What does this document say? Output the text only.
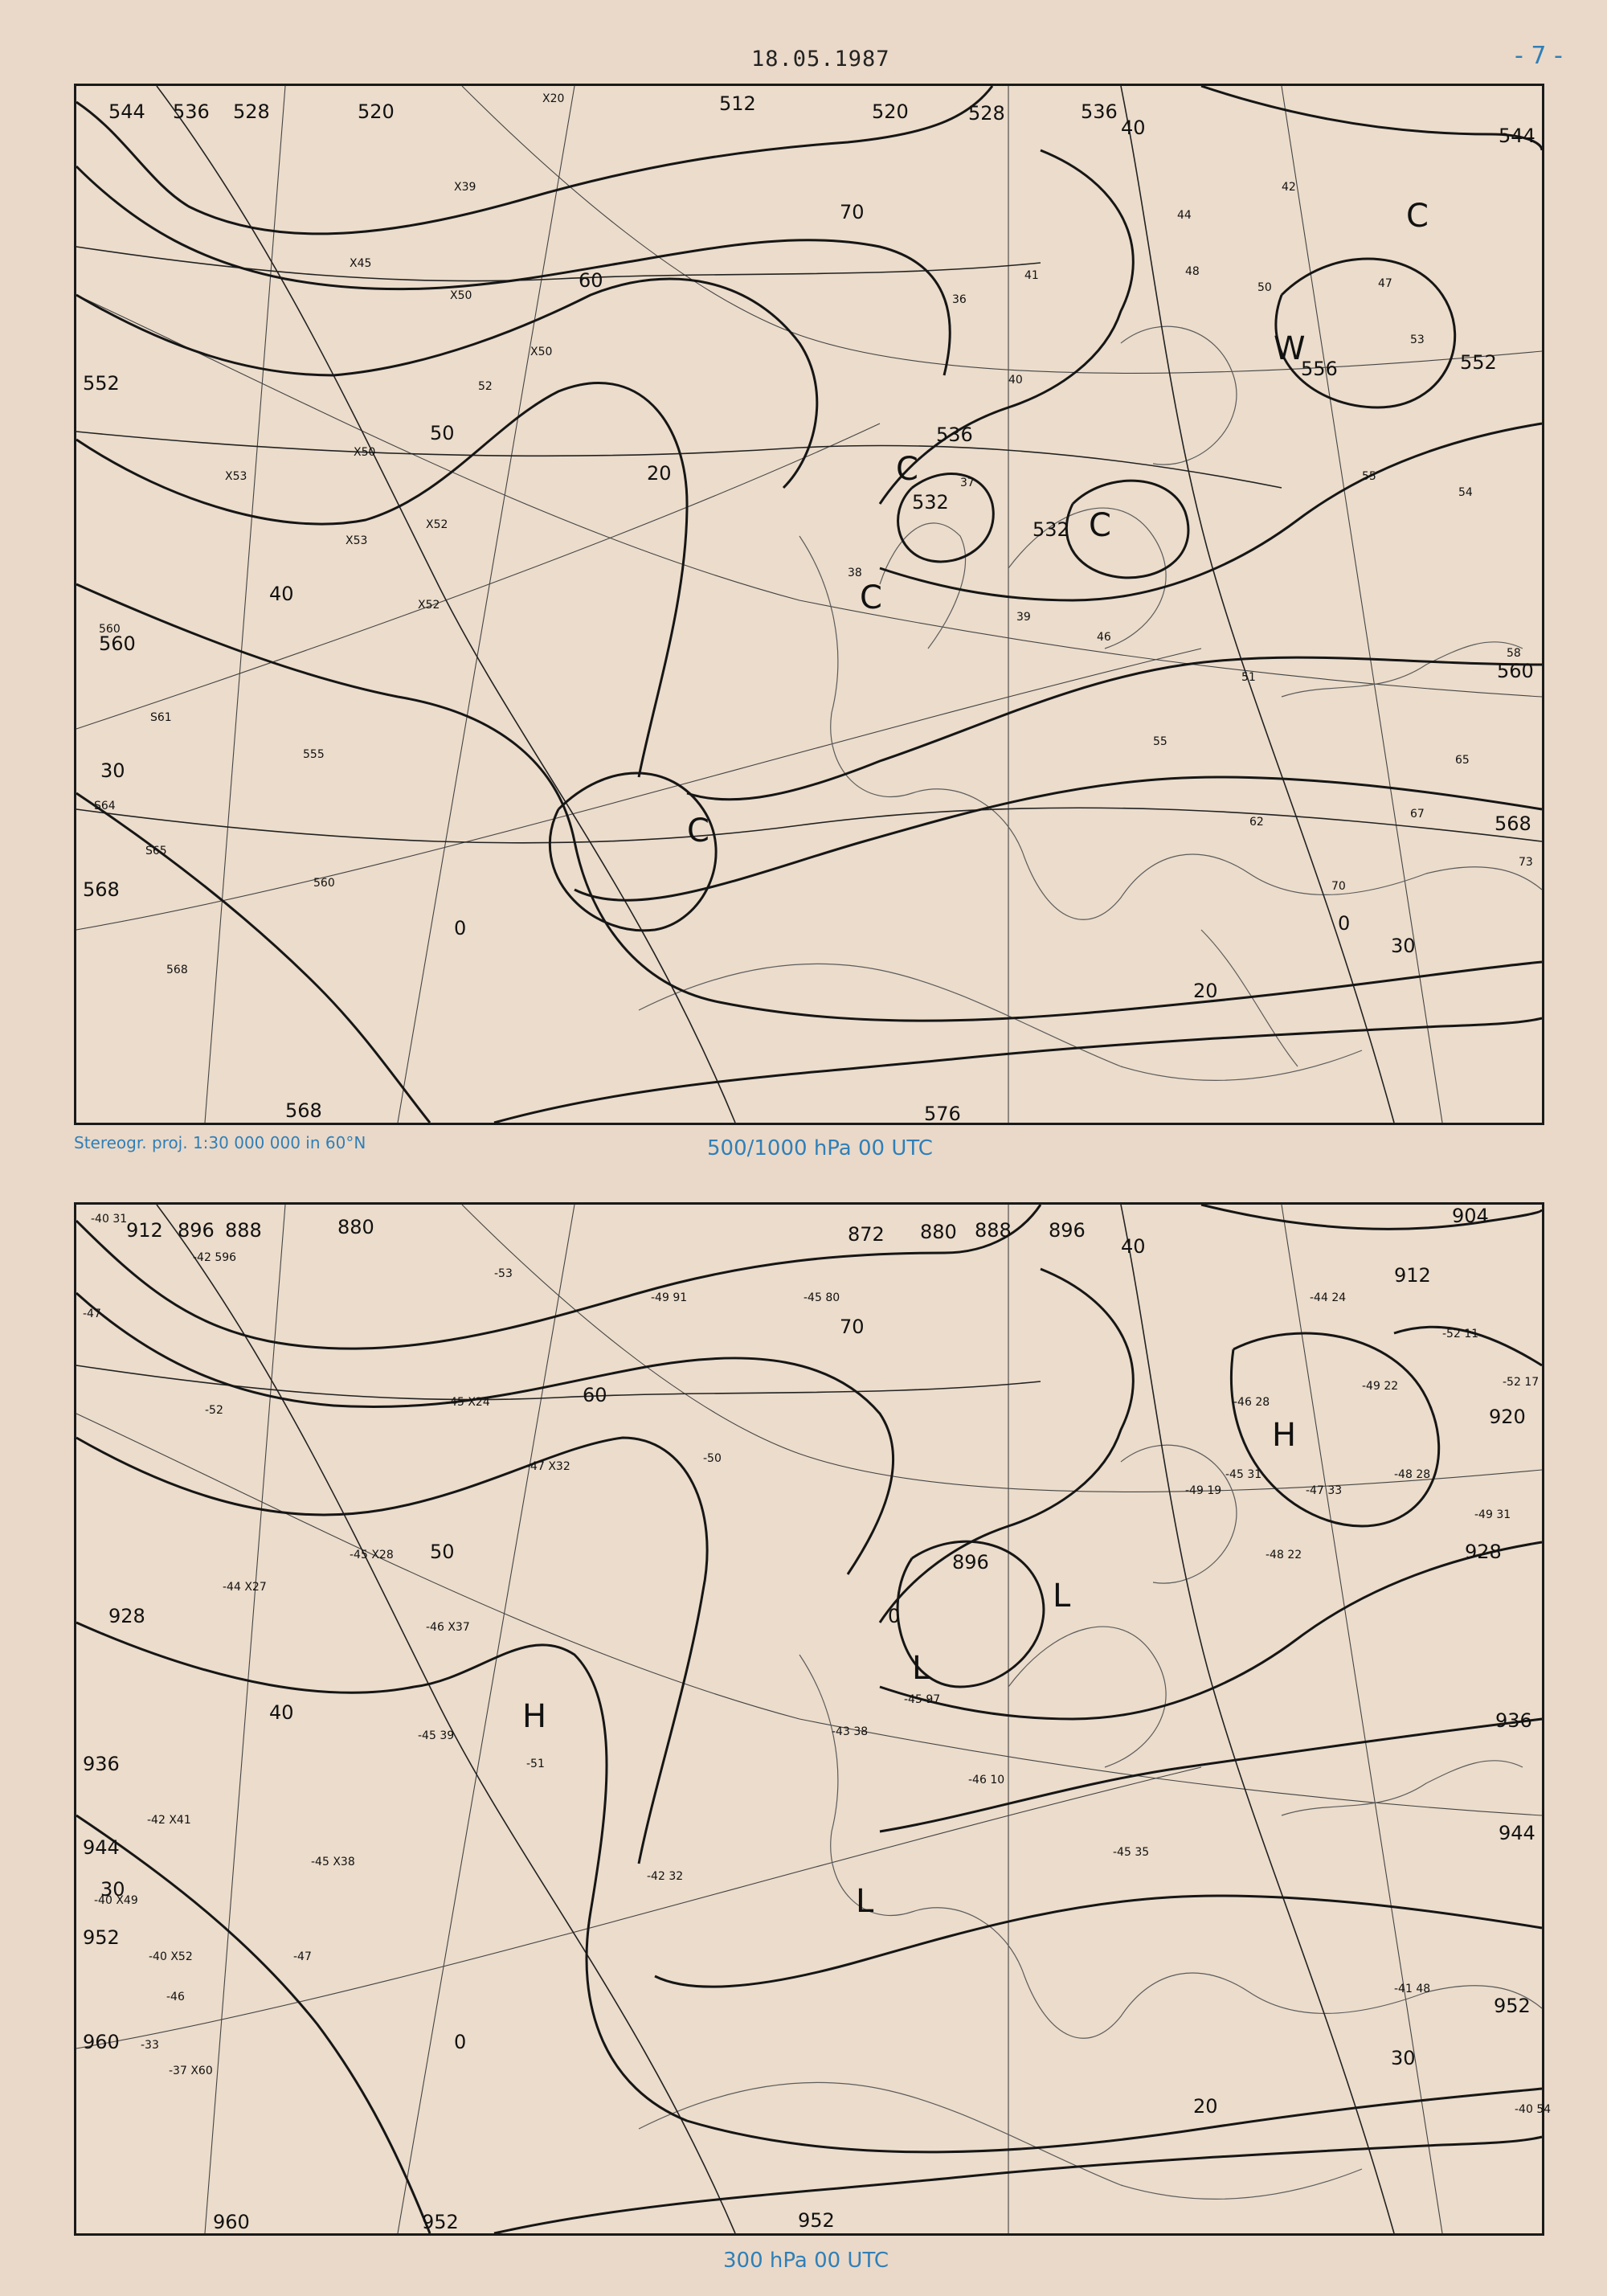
18.05.1987	- 7 -
544 536 528	520	512	520	528	536
544
552
552
560
568
568	576
560
568
536
532
532
556
70
60
50
40
40
30
30
20
20
0	0
C
C
C
C
C
W
X20
X39
X45
X50
X50
X50
X53
X52
X53
X52
560
S61
555
S64
S65
560
568
52
36
41
44
48
50
53
55
47
42
40
37
39
38
46
51
55
62
67
70
73
54
58
65
Stereogr. proj. 1:30 000 000 in 60°N	500/1000 hPa 00 UTC
912 896 888	880	872 880 888 896
904
912
920
928
928
936
936
944
944
952
952
960
960	952	952
896
70
60
50
40
40
30
30
20
0
0
H
H
L
L
L
-40 31
-42 596
-47
-53
-49 91	-45 80	-44 24
-52 11
-52 17
-49 22
-48 28
-49 31
-46 28
-45 31
-47 33
-49 19
-48 22
-46 10
-45 97
-43 38
-45 39
-45 X38
-42 X41
-40 X49
-40 X52
-37 X60
-33
-46
-47
-52
-45 X24
-46 X37
-44 X27
-45 X28
-47 X32
-50
-51
-45 35
-42 32
-41 48
-40 54
300 hPa 00 UTC
